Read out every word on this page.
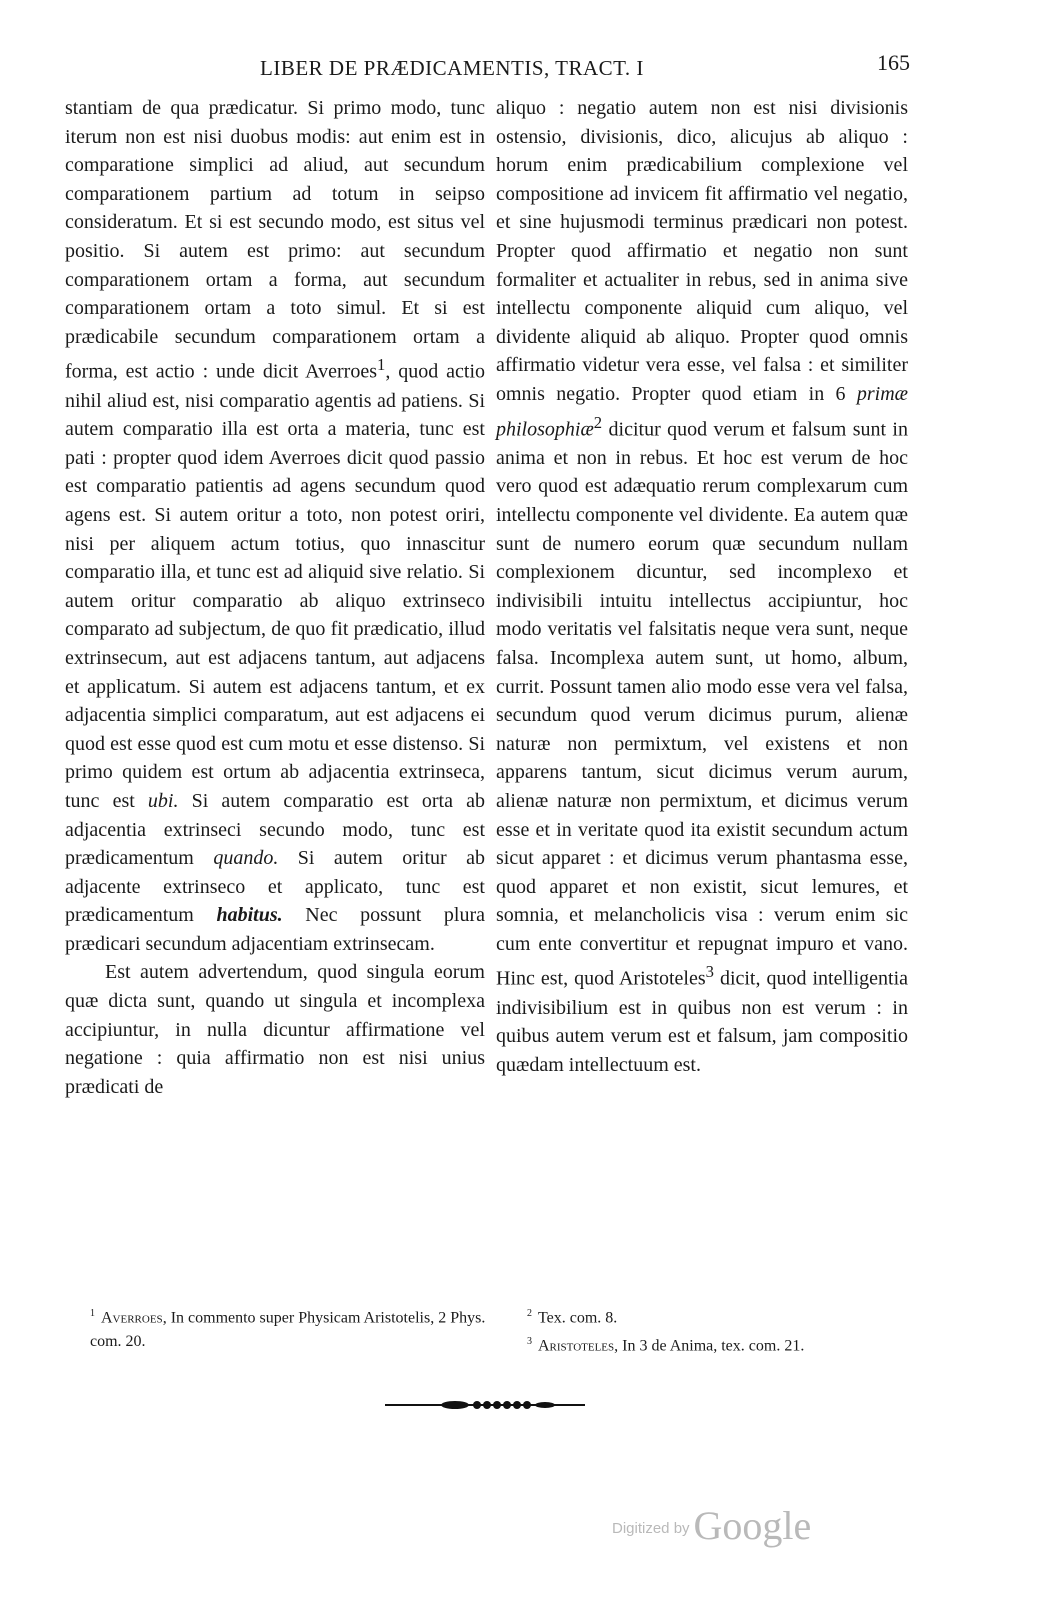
LIBER DE PRÆDICAMENTIS, TRACT. I	165

stantiam de qua prædicatur. Si primo modo, tunc iterum non est nisi duobus modis: aut enim est in comparatione simplici ad aliud, aut secundum comparationem partium ad totum in seipso consideratum. Et si est secundo modo, est situs vel positio. Si autem est primo: aut secundum comparationem ortam a forma, aut secundum comparationem ortam a toto simul. Et si est prædicabile secundum comparationem ortam a forma, est actio : unde dicit Averroes$^1$, quod actio nihil aliud est, nisi comparatio agentis ad patiens. Si autem comparatio illa est orta a materia, tunc est pati : propter quod idem Averroes dicit quod passio est comparatio patientis ad agens secundum quod agens est. Si autem oritur a toto, non potest oriri, nisi per aliquem actum totius, quo innascitur comparatio illa, et tunc est ad aliquid sive relatio. Si autem oritur comparatio ab aliquo extrinseco comparato ad subjectum, de quo fit prædicatio, illud extrinsecum, aut est adjacens tantum, aut adjacens et applicatum. Si autem est adjacens tantum, et ex adjacentia simplici comparatum, aut est adjacens ei quod est esse quod est cum motu et esse distenso. Si primo quidem est ortum ab adjacentia extrinseca, tunc est ubi. Si autem comparatio est orta ab adjacentia extrinseci secundo modo, tunc est prædicamentum quando. Si autem oritur ab adjacente extrinseco et applicato, tunc est prædicamentum habitus. Nec possunt plura prædicari secundum adjacentiam extrinsecam.

Est autem advertendum, quod singula eorum quæ dicta sunt, quando ut singula et incomplexa accipiuntur, in nulla dicuntur affirmatione vel negatione : quia affirmatio non est nisi unius prædicati de

aliquo : negatio autem non est nisi divisionis ostensio, divisionis, dico, alicujus ab aliquo : horum enim prædicabilium complexione vel compositione ad invicem fit affirmatio vel negatio, et sine hujusmodi terminus prædicari non potest. Propter quod affirmatio et negatio non sunt formaliter et actualiter in rebus, sed in anima sive intellectu componente aliquid cum aliquo, vel dividente aliquid ab aliquo. Propter quod omnis affirmatio videtur vera esse, vel falsa : et similiter omnis negatio. Propter quod etiam in 6 primæ philosophiæ$^2$ dicitur quod verum et falsum sunt in anima et non in rebus. Et hoc est verum de hoc vero quod est adæquatio rerum complexarum cum intellectu componente vel dividente. Ea autem quæ sunt de numero eorum quæ secundum nullam complexionem dicuntur, sed incomplexo et indivisibili intuitu intellectus accipiuntur, hoc modo veritatis vel falsitatis neque vera sunt, neque falsa. Incomplexa autem sunt, ut homo, album, currit. Possunt tamen alio modo esse vera vel falsa, secundum quod verum dicimus purum, alienæ naturæ non permixtum, vel existens et non apparens tantum, sicut dicimus verum aurum, alienæ naturæ non permixtum, et dicimus verum esse et in veritate quod ita existit secundum actum sicut apparet : et dicimus verum phantasma esse, quod apparet et non existit, sicut lemures, et somnia, et melancholicis visa : verum enim sic cum ente convertitur et repugnat impuro et vano. Hinc est, quod Aristoteles$^3$ dicit, quod intelligentia indivisibilium est in quibus non est verum : in quibus autem verum est et falsum, jam compositio quædam intellectuum est.

$^1$ Averroes, In commento super Physicam Aristotelis, 2 Phys. com. 20.

$^2$ Tex. com. 8.

$^3$ Aristoteles, In 3 de Anima, tex. com. 21.

Digitized by Google
